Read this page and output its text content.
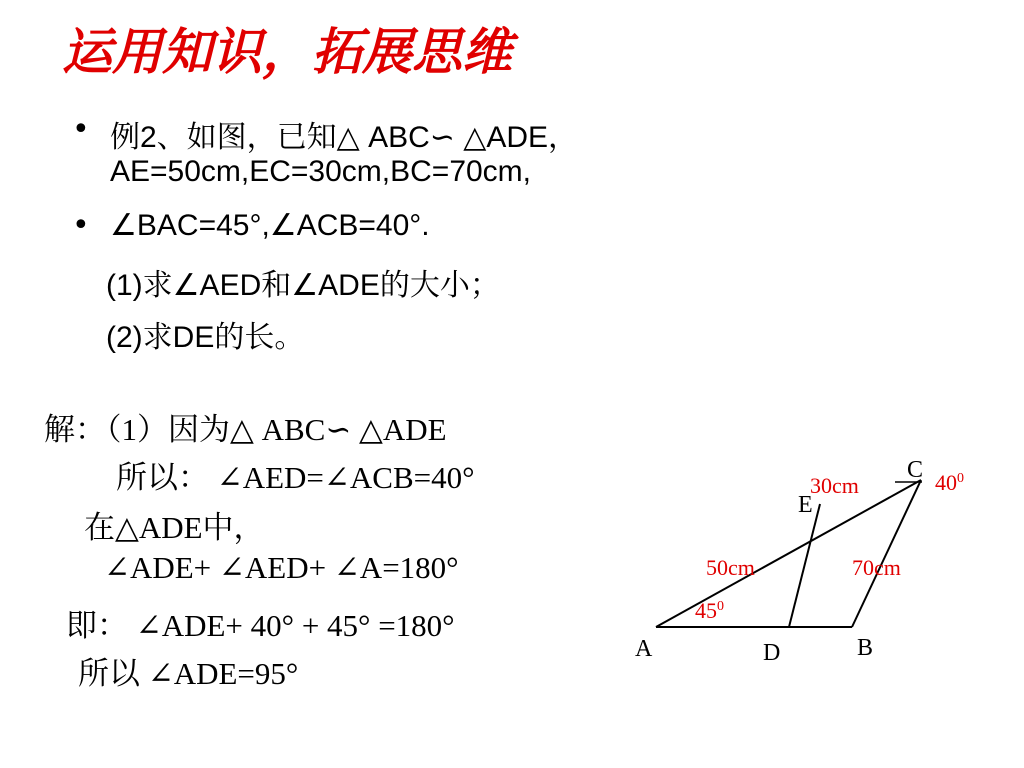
运用知识，拓展思维
• 例2、如图，已知△ ABC∽ △ADE，
AE=50cm,EC=30cm,BC=70cm,
• ∠BAC=45°,∠ACB=40°.
(1)求∠AED和∠ADE的大小；
(2)求DE的长。
解：（1）因为△ ABC∽ △ADE
所以： ∠AED=∠ACB=40°
在△ADE中，
∠ADE+ ∠AED+ ∠A=180°
即： ∠ADE+ 40° + 45° =180°
所以 ∠ADE=95°
C
E
A	B
D
30cm
50cm	70cm
$45^0$
$40^0$
